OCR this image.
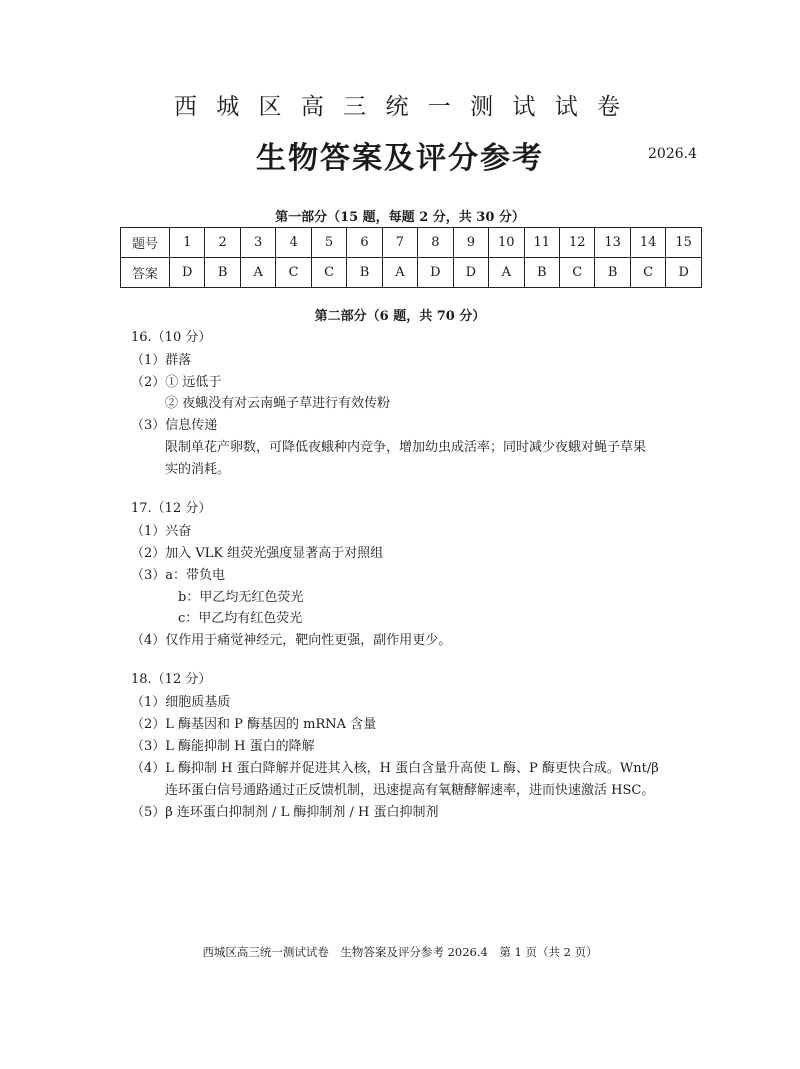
西 城 区 高 三 统 一 测 试 试 卷
生物答案及评分参考	2026.4
第一部分（15 题，每题 2 分，共 30 分）
题号	1	2	3	4	5	6	7	8	9	10	11	12	13	14	15
答案	D	B	A	C	C	B	A	D	D	A	B	C	B	C	D
第二部分（6 题，共 70 分）
16.（10 分）
（1）群落
（2）① 远低于
② 夜蛾没有对云南蝇子草进行有效传粉
（3）信息传递
限制单花产卵数，可降低夜蛾种内竞争，增加幼虫成活率；同时减少夜蛾对蝇子草果
实的消耗。
17.（12 分）
（1）兴奋
（2）加入 VLK 组荧光强度显著高于对照组
（3）a：带负电
b：甲乙均无红色荧光
c：甲乙均有红色荧光
（4）仅作用于痛觉神经元，靶向性更强，副作用更少。
18.（12 分）
（1）细胞质基质
（2）L 酶基因和 P 酶基因的 mRNA 含量
（3）L 酶能抑制 H 蛋白的降解
（4）L 酶抑制 H 蛋白降解并促进其入核，H 蛋白含量升高使 L 酶、P 酶更快合成。Wnt/β
连环蛋白信号通路通过正反馈机制，迅速提高有氧糖酵解速率，进而快速激活 HSC。
（5）β 连环蛋白抑制剂 / L 酶抑制剂 / H 蛋白抑制剂
西城区高三统一测试试卷　生物答案及评分参考 2026.4　第 1 页（共 2 页）
